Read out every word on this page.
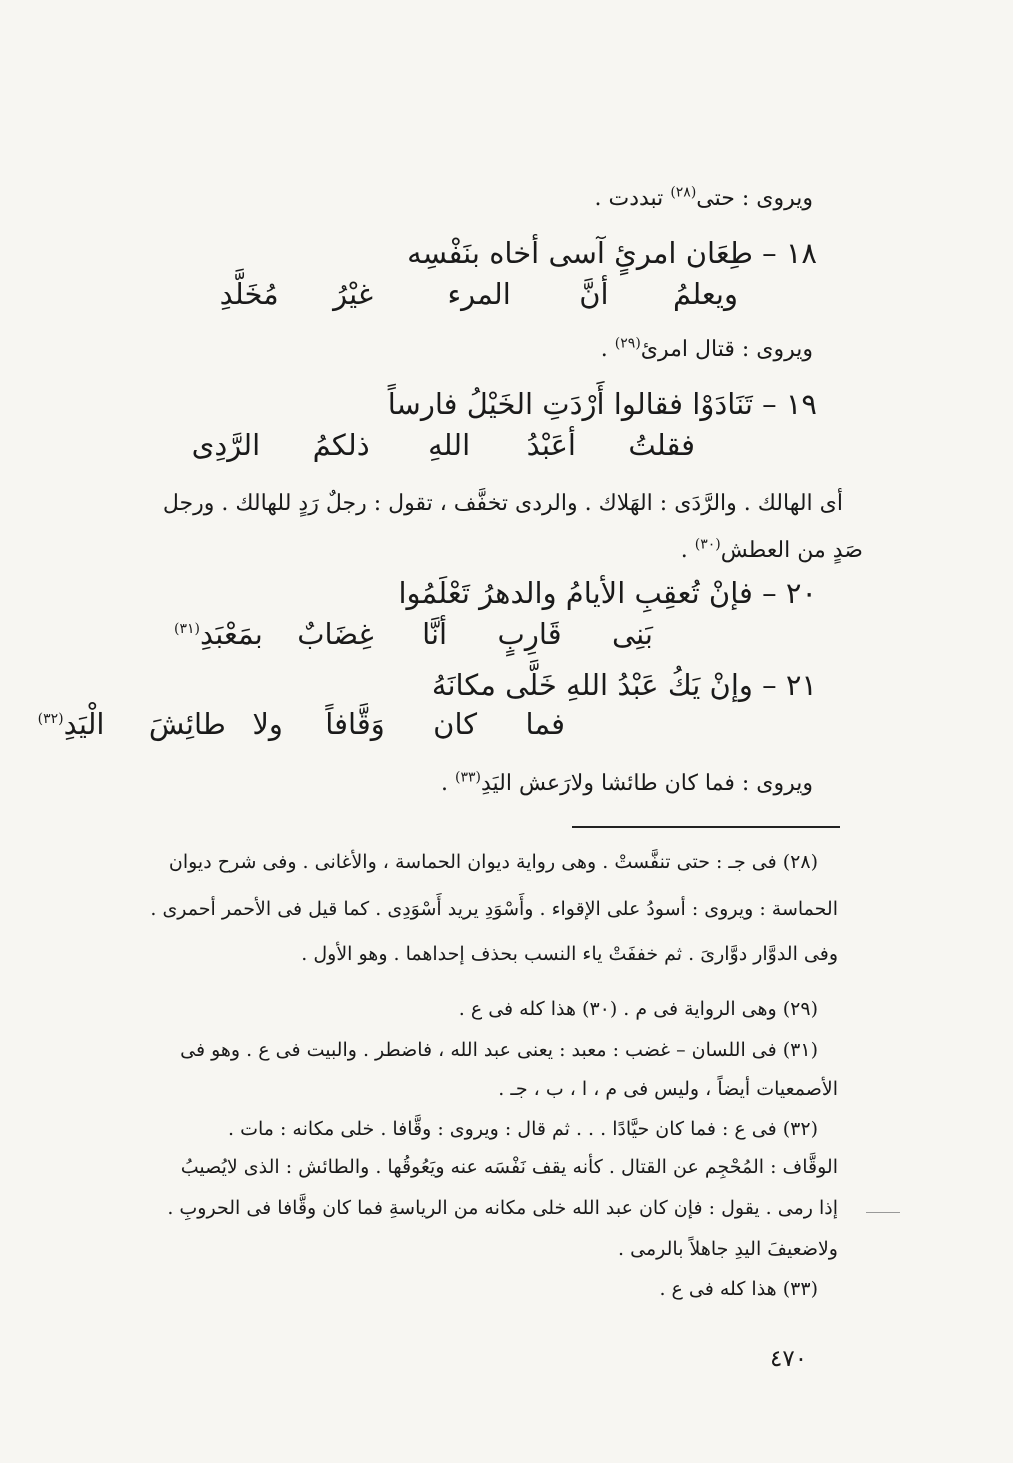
ويروى : حتى$^{(٢٨)}$ تبددت .
١٨ – طِعَان امرئٍ آسى أخاه بنَفْسِه
ويعلمُ  أنَّ  المرء  غيْرُ  مُخَلَّدِ
ويروى : قتال امرئ$^{(٢٩)}$ .
١٩ – تَنَادَوْا فقالوا أَرْدَتِ الخَيْلُ فارساً
فقلتُ  أعَبْدُ  اللهِ  ذلكمُ  الرَّدِى
أى الهالك . والرَّدَى : الهَلاك . والردى تخفَّف ، تقول : رجلٌ رَدٍ للهالك . ورجل
صَدٍ من العطش$^{(٣٠)}$ .
٢٠ – فإنْ تُعقِبِ الأيامُ والدهرُ تَعْلَمُوا
بَنِى  قَارِبٍ  أنَّا  غِضَابٌ  بمَعْبَدِ(٣١)
٢١ – وإنْ يَكُ عَبْدُ اللهِ خَلَّى مكانَهُ
فما  كان  وَقَّافاً  ولا  طائِشَ  الْيَدِ(٣٢)
ويروى : فما كان طائشا ولارَعش اليَدِ$^{(٣٣)}$ .
(٢٨) فى جـ : حتى تنفَّستْ . وهى رواية ديوان الحماسة ، والأغانى . وفى شرح ديوان
الحماسة : ويروى : أسودُ على الإقواء . وأَسْوَدِ يريد أَسْوَدِى . كما قيل فى الأحمر أحمرى .
وفى الدوَّار دوَّارىَ . ثم خففَتْ ياء النسب بحذف إحداهما . وهو الأول .
(٢٩) وهى الرواية فى م . (٣٠) هذا كله فى ع .
(٣١) فى اللسان – غضب : معبد : يعنى عبد الله ، فاضطر . والبيت فى ع . وهو فى
الأصمعيات أيضاً ، وليس فى م ، ا ، ب ، جـ .
(٣٢) فى ع : فما كان حيَّادًا . . . ثم قال : ويروى : وقَّافا . خلى مكانه : مات .
الوقَّاف : المُحْجِم عن القتال . كأنه يقف نَفْسَه عنه ويَعُوقُها . والطائش : الذى لايُصيبُ
إذا رمى . يقول : فإن كان عبد الله خلى مكانه من الرياسةِ فما كان وقَّافا فى الحروبِ .
ولاضعيفَ اليدِ جاهلاً بالرمى .
(٣٣) هذا كله فى ع .
٤٧٠
